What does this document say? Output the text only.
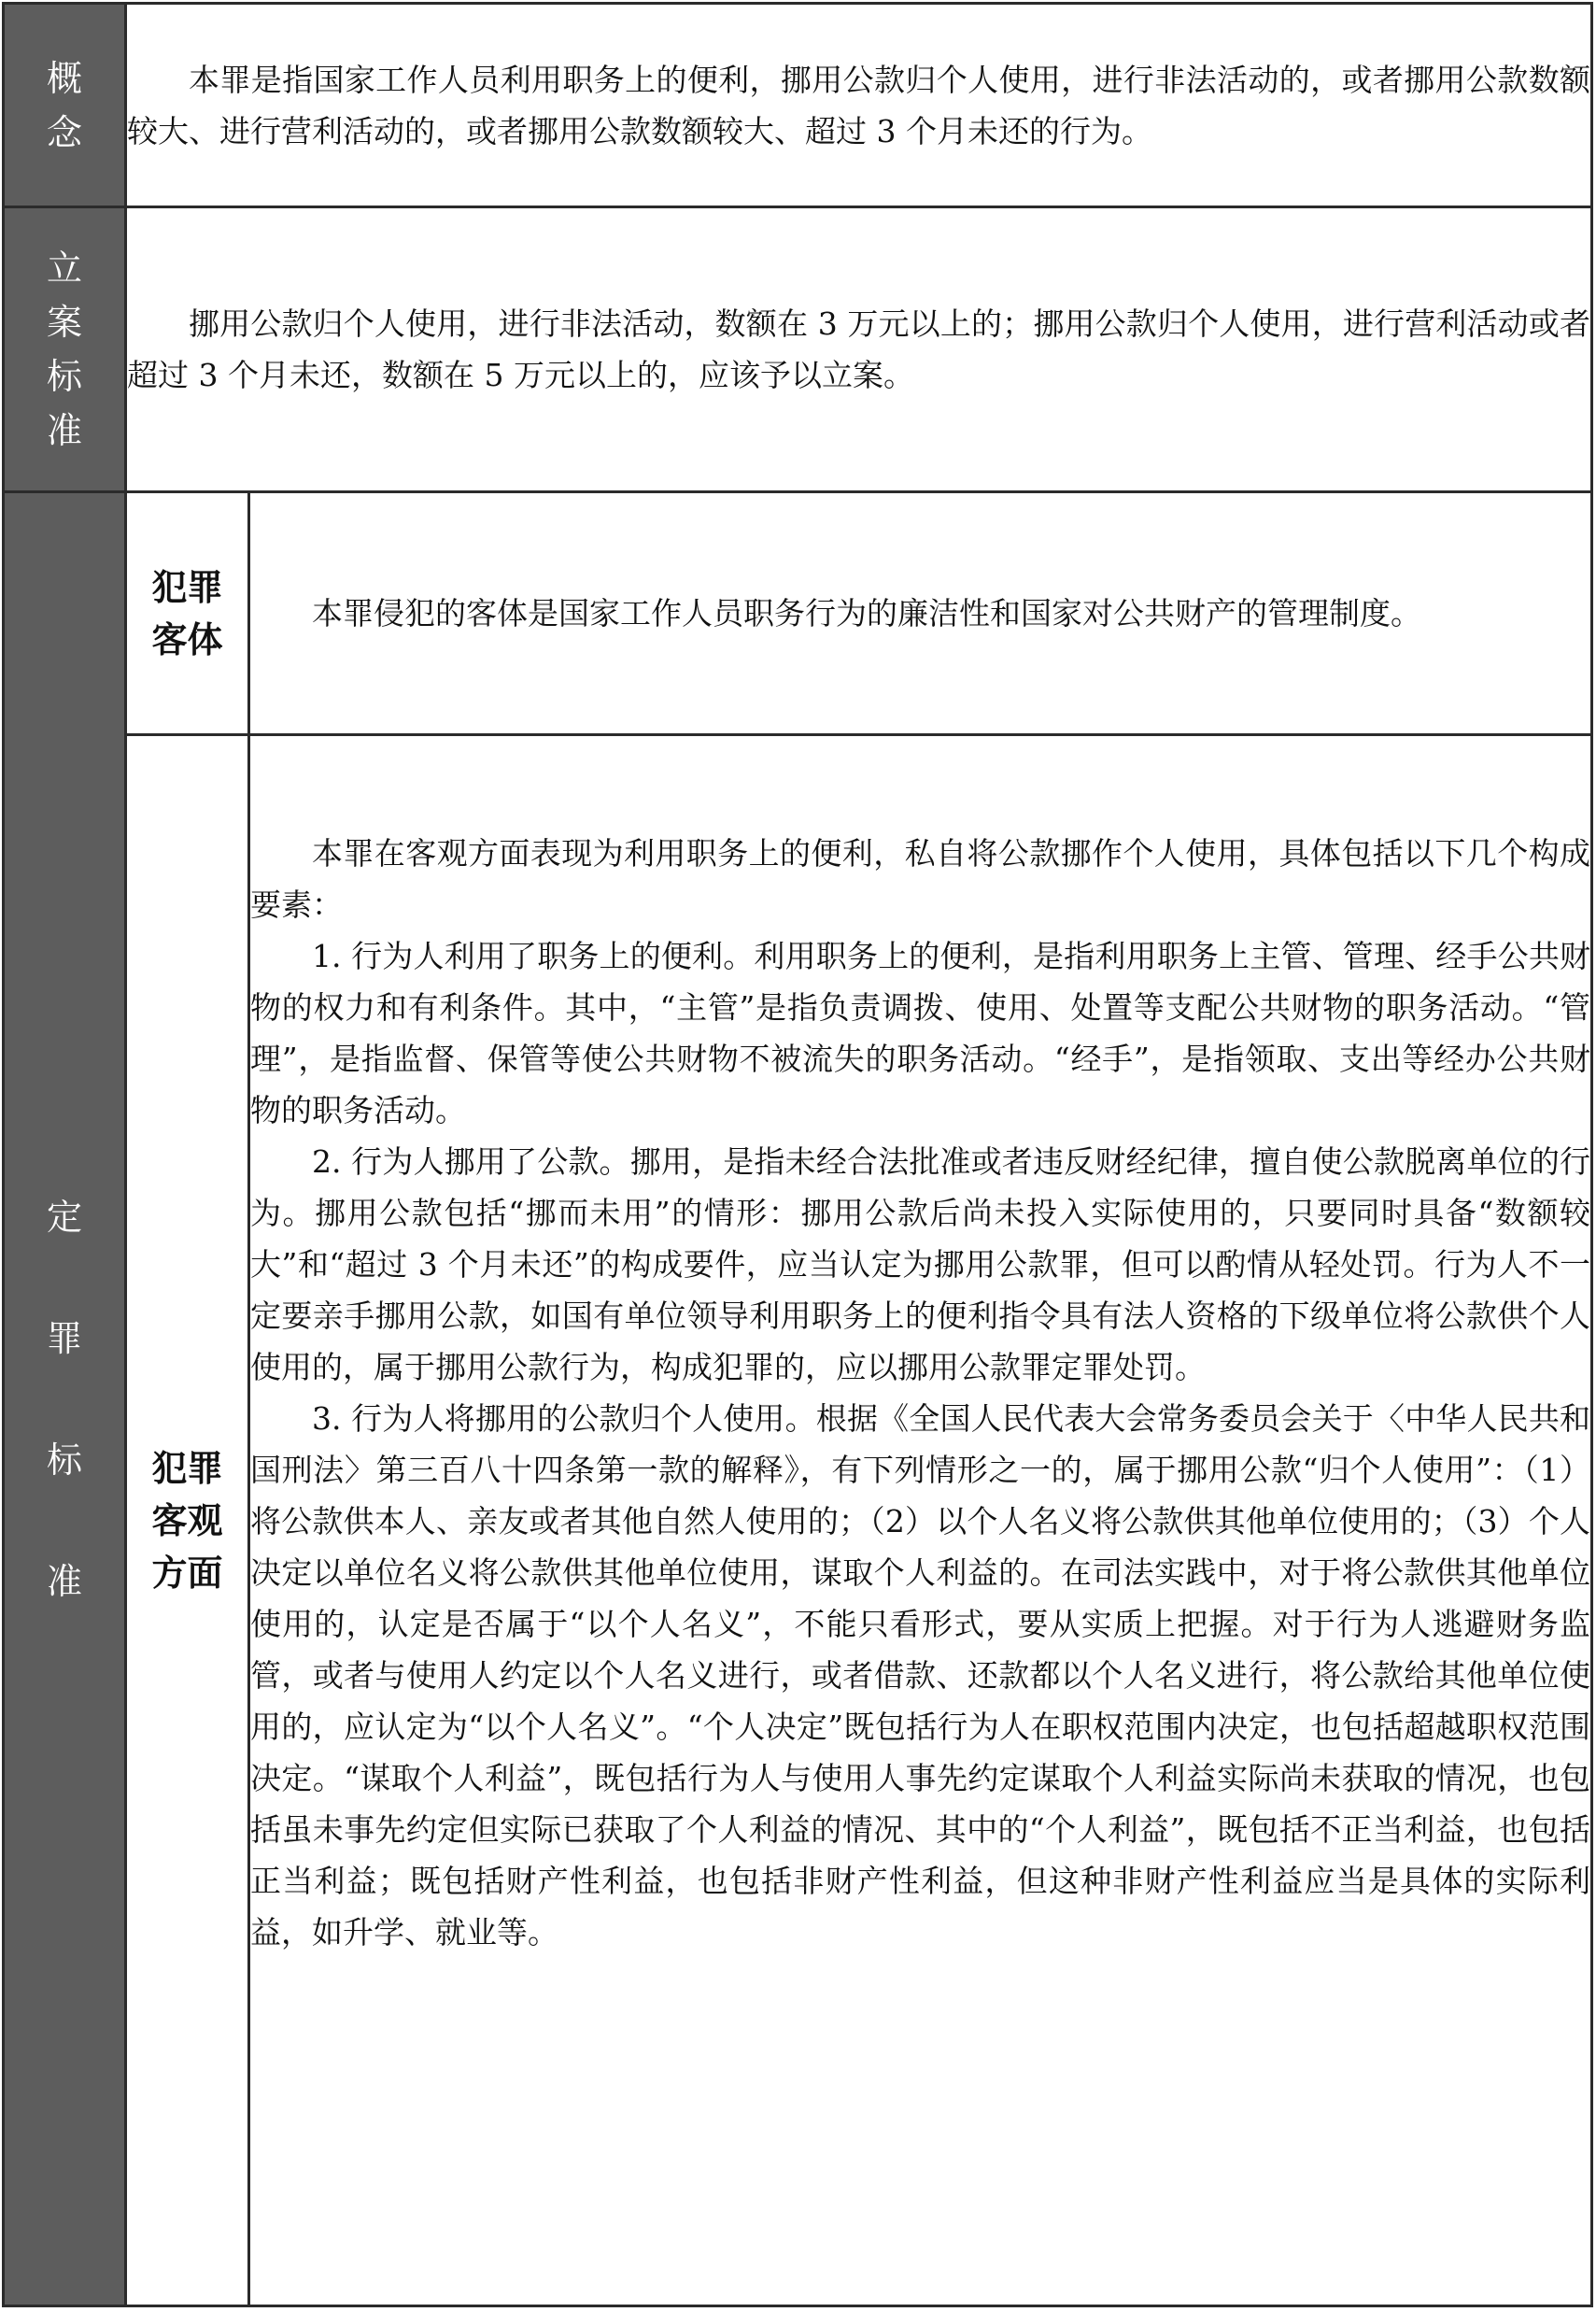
概念	本罪是指国家工作人员利用职务上的便利，挪用公款归个人使用，进行非法活动的，或者挪用公款数额较大、进行营利活动的，或者挪用公款数额较大、超过 3 个月未还的行为。	

立案标准	挪用公款归个人使用，进行非法活动，数额在 3 万元以上的；挪用公款归个人使用，进行营利活动或者超过 3 个月未还，数额在 5 万元以上的，应该予以立案。	

定罪标准	犯罪客体	本罪侵犯的客体是国家工作人员职务行为的廉洁性和国家对公共财产的管理制度。

	犯罪客观方面	本罪在客观方面表现为利用职务上的便利，私自将公款挪作个人使用，具体包括以下几个构成要素：

1. 行为人利用了职务上的便利。利用职务上的便利，是指利用职务上主管、管理、经手公共财物的权力和有利条件。其中，“主管”是指负责调拨、使用、处置等支配公共财物的职务活动。“管理”，是指监督、保管等使公共财物不被流失的职务活动。“经手”，是指领取、支出等经办公共财物的职务活动。

2. 行为人挪用了公款。挪用，是指未经合法批准或者违反财经纪律，擅自使公款脱离单位的行为。挪用公款包括“挪而未用”的情形：挪用公款后尚未投入实际使用的，只要同时具备“数额较大”和“超过 3 个月未还”的构成要件，应当认定为挪用公款罪，但可以酌情从轻处罚。行为人不一定要亲手挪用公款，如国有单位领导利用职务上的便利指令具有法人资格的下级单位将公款供个人使用的，属于挪用公款行为，构成犯罪的，应以挪用公款罪定罪处罚。

3. 行为人将挪用的公款归个人使用。根据《全国人民代表大会常务委员会关于〈中华人民共和国刑法〉第三百八十四条第一款的解释》，有下列情形之一的，属于挪用公款“归个人使用”：（1）将公款供本人、亲友或者其他自然人使用的；（2）以个人名义将公款供其他单位使用的；（3）个人决定以单位名义将公款供其他单位使用，谋取个人利益的。在司法实践中，对于将公款供其他单位使用的，认定是否属于“以个人名义”，不能只看形式，要从实质上把握。对于行为人逃避财务监管，或者与使用人约定以个人名义进行，或者借款、还款都以个人名义进行，将公款给其他单位使用的，应认定为“以个人名义”。“个人决定”既包括行为人在职权范围内决定，也包括超越职权范围决定。“谋取个人利益”，既包括行为人与使用人事先约定谋取个人利益实际尚未获取的情况，也包括虽未事先约定但实际已获取了个人利益的情况、其中的“个人利益”，既包括不正当利益，也包括正当利益；既包括财产性利益，也包括非财产性利益，但这种非财产性利益应当是具体的实际利益，如升学、就业等。
